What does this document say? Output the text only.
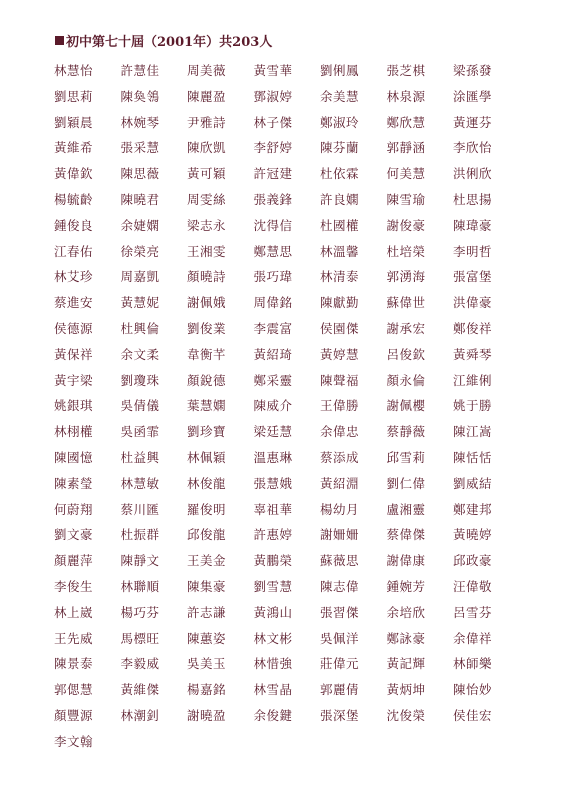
初中第七十屆（2001年）共203人
林慧怡	許慧佳	周美薇	黃雪華	劉俐鳳	張芝棋	梁孫發
劉思莉	陳奐鴒	陳麗盈	鄧淑婷	余美慧	林泉源	涂匯學
劉穎晨	林婉琴	尹雅詩	林子傑	鄭淑玲	鄭欣慧	黃運芬
黃維希	張采慧	陳欣凱	李舒婷	陳芬蘭	郭靜涵	李欣怡
黃偉欽	陳思薇	黃可穎	許冠建	杜依霖	何美慧	洪俐欣
楊毓齡	陳曉君	周雯絲	張義鋒	許良嫻	陳雪瑜	杜思揚
鍾俊良	余婕嫻	梁志永	沈得信	杜國權	謝俊豪	陳瑋豪
江春佑	徐榮亮	王湘雯	鄭慧思	林溫馨	杜培榮	李明哲
林艾珍	周嘉凱	顏曉詩	張巧瑋	林清泰	郭湧海	張富堡
蔡進安	黃慧妮	謝佩娥	周偉銘	陳獻勤	蘇偉世	洪偉豪
侯德源	杜興倫	劉俊業	李震富	侯園傑	謝承宏	鄭俊祥
黃保祥	余文柔	韋衡芊	黃紹琦	黃婷慧	呂俊欽	黃舜琴
黃宇梁	劉瓊珠	顏銳德	鄭采靈	陳聲福	顏永倫	江維俐
姚銀琪	吳倩儀	葉慧嫻	陳威介	王偉勝	謝佩櫻	姚于勝
林栩權	吳函霏	劉珍寶	梁廷慧	余偉忠	蔡靜薇	陳江嵩
陳國憶	杜益興	林佩穎	溫惠琳	蔡添成	邱雪莉	陳恬恬
陳素瑩	林慧敏	林俊龍	張慧娥	黃紹淵	劉仁偉	劉威結
何蔚翔	蔡川匯	羅俊明	辜祖華	楊幼月	盧湘靈	鄭建邦
劉文豪	杜振群	邱俊龍	許惠婷	謝姍姍	蔡偉傑	黃曉婷
顏麗萍	陳靜文	王美金	黃鵬榮	蘇薇思	謝偉康	邱政豪
李俊生	林聯順	陳集豪	劉雪慧	陳志偉	鍾婉芳	汪偉敬
林上崴	楊巧芬	許志謙	黃鴻山	張習傑	余培欣	呂雪芬
王先威	馬標旺	陳蕙姿	林文彬	吳佩洋	鄭詠豪	余偉祥
陳景泰	李毅威	吳美玉	林惜強	莊偉元	黃記輝	林師樂
郭偲慧	黃維傑	楊嘉銘	林雪晶	郭麗倩	黃炳坤	陳怡妙
顏豐源	林潮釗	謝曉盈	余俊鍵	張深堡	沈俊榮	侯佳宏
李文翰
